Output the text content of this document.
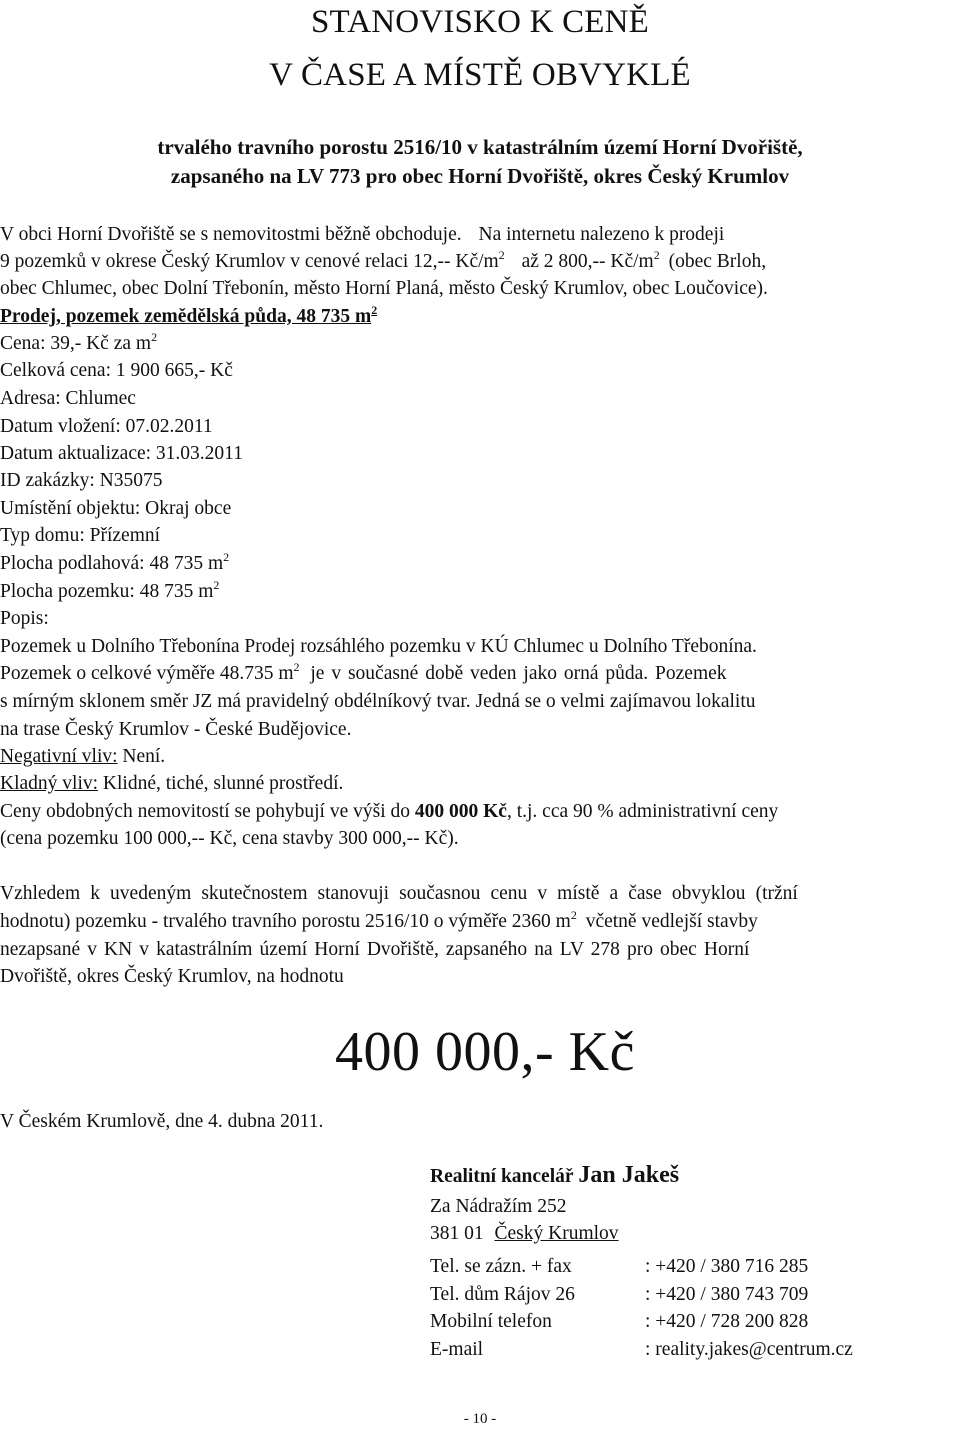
STANOVISKO K CENĚ
V ČASE A MÍSTĚ OBVYKLÉ
trvalého travního porostu 2516/10 v katastrálním území Horní Dvořiště,
zapsaného na LV 773 pro obec Horní Dvořiště, okres Český Krumlov
V obci Horní Dvořiště se s nemovitostmi běžně obchoduje. Na internetu nalezeno k prodeji
9 pozemků v okrese Český Krumlov v cenové relaci 12,-- $Kč/m^2$ až 2 800,-- $Kč/m^2$ (obec Brloh,
obec Chlumec, obec Dolní Třebonín, město Horní Planá, město Český Krumlov, obec Loučovice).
Prodej, pozemek zemědělská půda, 48 735 $m^2$
Cena: 39,- Kč za $m^2$
Celková cena: 1 900 665,- Kč
Adresa: Chlumec
Datum vložení: 07.02.2011
Datum aktualizace: 31.03.2011
ID zakázky: N35075
Umístění objektu: Okraj obce
Typ domu: Přízemní
Plocha podlahová: 48 735 $m^2$
Plocha pozemku: 48 735 $m^2$
Popis:
Pozemek u Dolního Třebonína Prodej rozsáhlého pozemku v KÚ Chlumec u Dolního Třebonína.
Pozemek o celkové výměře 48.735 $m^2$ je v současné době veden jako orná půda. Pozemek
s mírným sklonem směr JZ má pravidelný obdélníkový tvar. Jedná se o velmi zajímavou lokalitu
na trase Český Krumlov - České Budějovice.
Negativní vliv: Není.
Kladný vliv: Klidné, tiché, slunné prostředí.
Ceny obdobných nemovitostí se pohybují ve výši do 400 000 Kč, t.j. cca 90 % administrativní ceny
(cena pozemku 100 000,-- Kč, cena stavby 300 000,-- Kč).
Vzhledem k uvedeným skutečnostem stanovuji současnou cenu v místě a čase obvyklou (tržní
hodnotu) pozemku - trvalého travního porostu 2516/10 o výměře 2360 $m^2$ včetně vedlejší stavby
nezapsané v KN v katastrálním území Horní Dvořiště, zapsaného na LV 278 pro obec Horní
Dvořiště, okres Český Krumlov, na hodnotu
400 000,- Kč
V Českém Krumlově, dne 4. dubna 2011.
Realitní kancelář Jan Jakeš
Za Nádražím 252
381 01 Český Krumlov
Tel. se zázn. + fax	: +420 / 380 716 285
Tel. dům Rájov 26	: +420 / 380 743 709
Mobilní telefon	: +420 / 728 200 828
E-mail	: reality.jakes@centrum.cz
- 10 -
